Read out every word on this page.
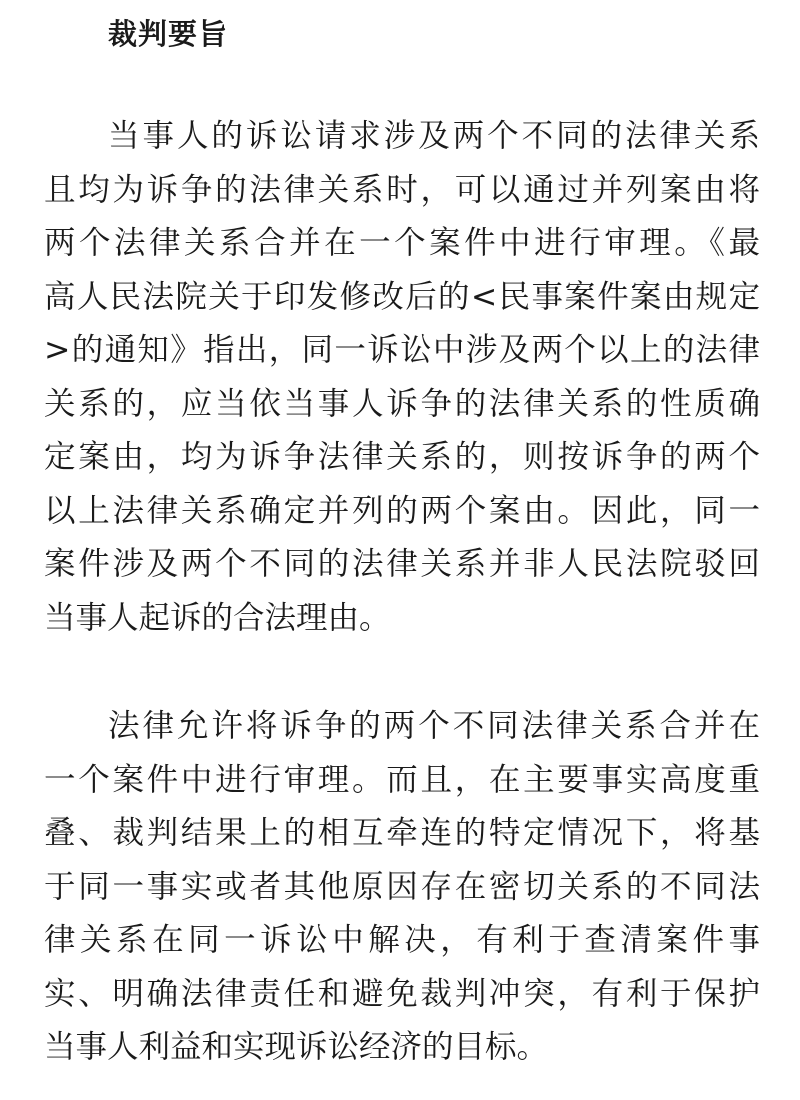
裁判要旨
当事人的诉讼请求涉及两个不同的法律关系
且均为诉争的法律关系时，可以通过并列案由将
两个法律关系合并在一个案件中进行审理。《最
高人民法院关于印发修改后的<民事案件案由规定
>的通知》指出，同一诉讼中涉及两个以上的法律
关系的，应当依当事人诉争的法律关系的性质确
定案由，均为诉争法律关系的，则按诉争的两个
以上法律关系确定并列的两个案由。因此，同一
案件涉及两个不同的法律关系并非人民法院驳回
当事人起诉的合法理由。
法律允许将诉争的两个不同法律关系合并在
一个案件中进行审理。而且，在主要事实高度重
叠、裁判结果上的相互牵连的特定情况下，将基
于同一事实或者其他原因存在密切关系的不同法
律关系在同一诉讼中解决，有利于查清案件事
实、明确法律责任和避免裁判冲突，有利于保护
当事人利益和实现诉讼经济的目标。
